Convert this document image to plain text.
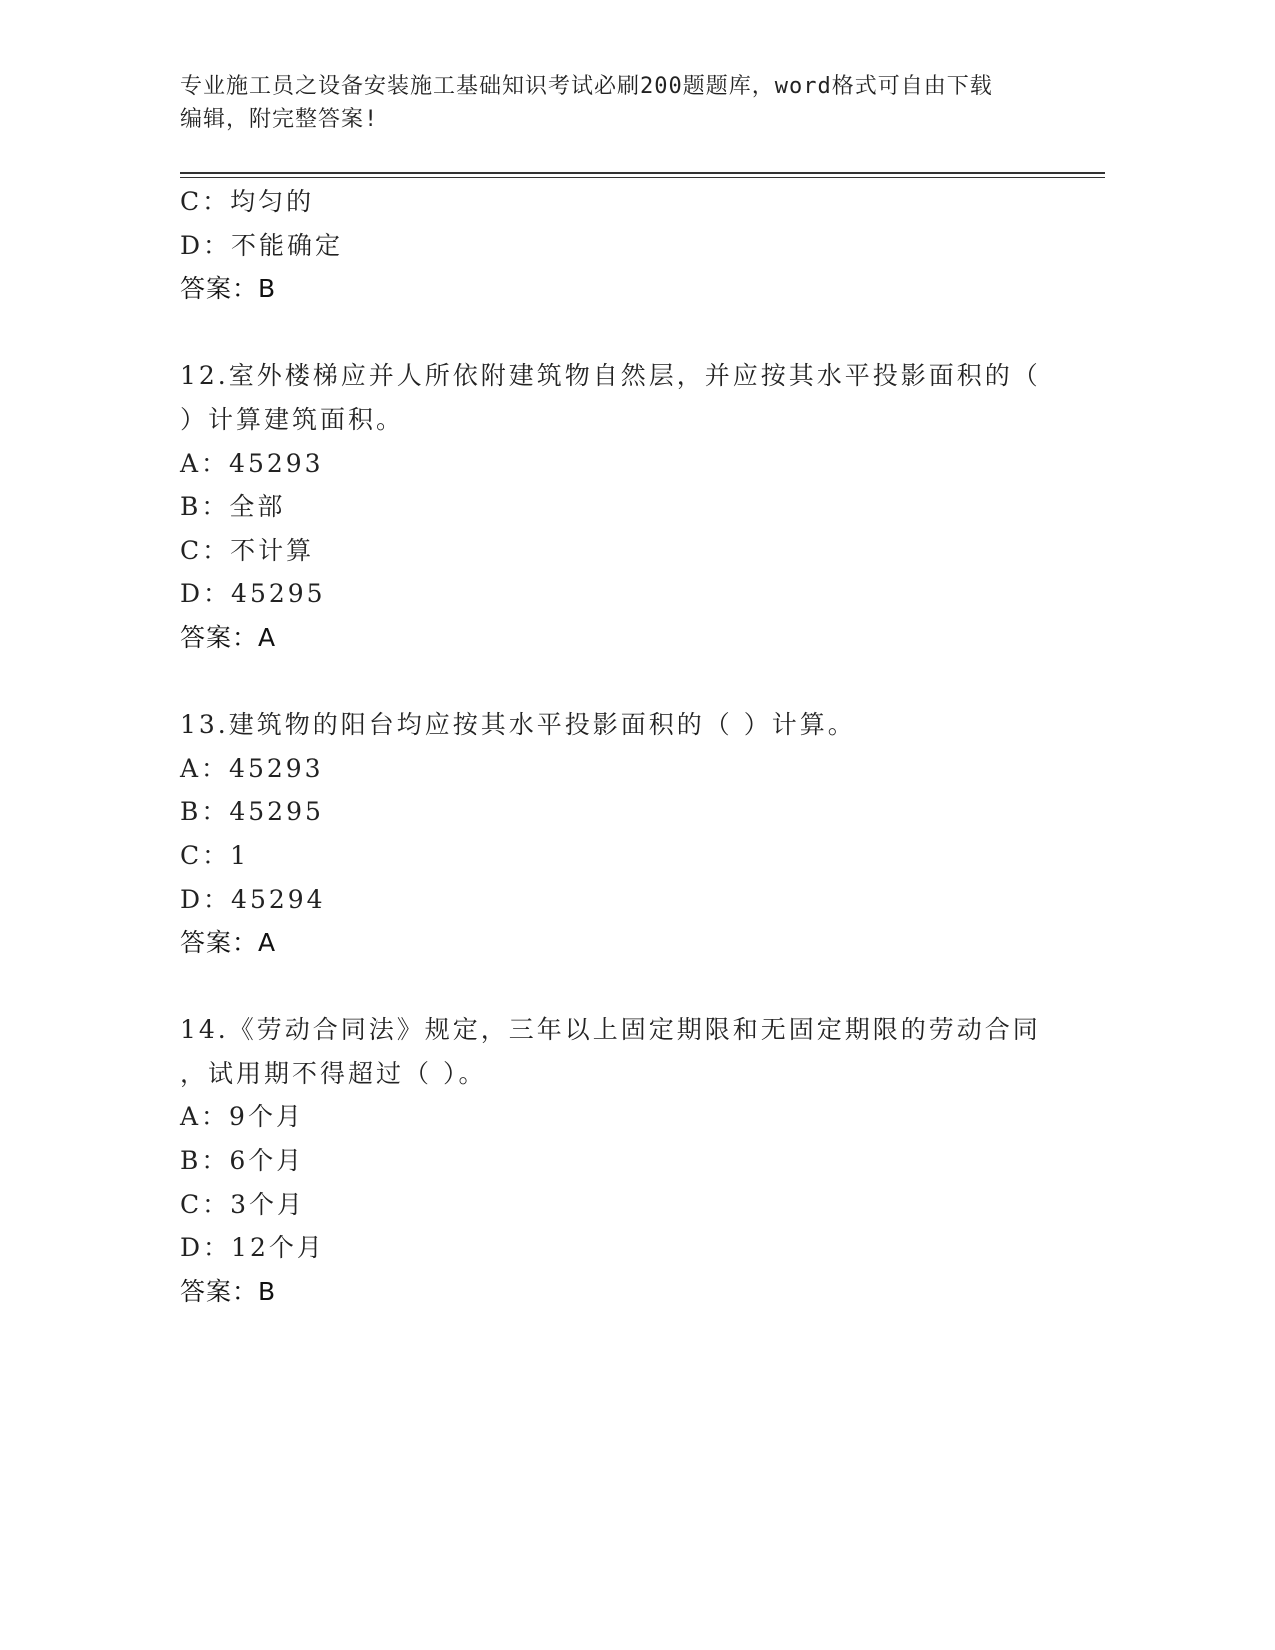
专业施工员之设备安装施工基础知识考试必刷200题题库，word格式可自由下载
编辑，附完整答案!
C：均匀的
D：不能确定
答案：B
12.室外楼梯应并人所依附建筑物自然层，并应按其水平投影面积的（
）计算建筑面积。
A：45293
B：全部
C：不计算
D：45295
答案：A
13.建筑物的阳台均应按其水平投影面积的（ ）计算。
A：45293
B：45295
C：1
D：45294
答案：A
14.《劳动合同法》规定，三年以上固定期限和无固定期限的劳动合同
，试用期不得超过（ ）。
A：9个月
B：6个月
C：3个月
D：12个月
答案：B
